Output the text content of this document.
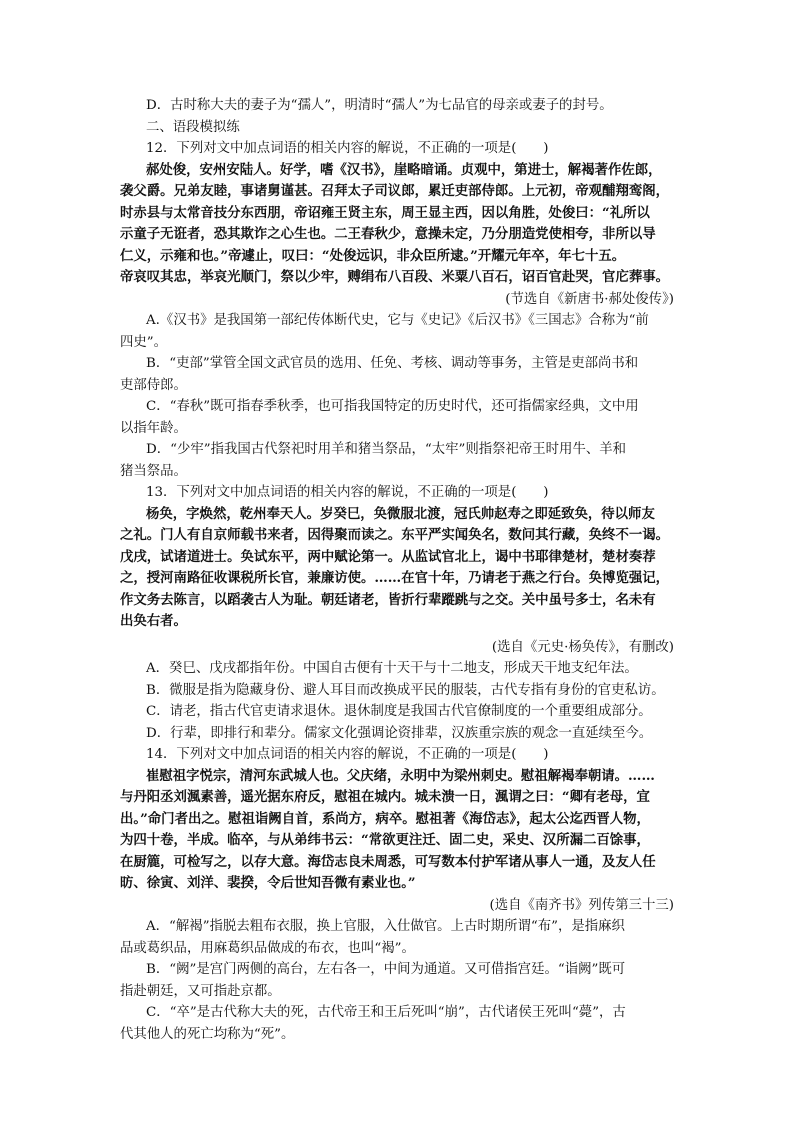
D．古时称大夫的妻子为“孺人”，明清时“孺人”为七品官的母亲或妻子的封号。
二、语段模拟练
12．下列对文中加点词语的相关内容的解说，不正确的一项是(　　)
郝处俊，安州安陆人。好学，嗜《汉书》，崖略暗诵。贞观中，第进士，解褐著作佐郎，
袭父爵。兄弟友睦，事诸舅谨甚。召拜太子司议郎，累迁吏部侍郎。上元初，帝观酺翔鸾阁，
时赤县与太常音技分东西朋，帝诏雍王贤主东，周王显主西，因以角胜，处俊曰：“礼所以
示童子无诳者，恐其欺诈之心生也。二王春秋少，意操未定，乃分朋造党使相夸，非所以导
仁义，示雍和也。”帝遽止，叹曰：“处俊远识，非众臣所逮。”开耀元年卒，年七十五。
帝哀叹其忠，举哀光顺门，祭以少牢，赙绢布八百段、米粟八百石，诏百官赴哭，官庀葬事。
(节选自《新唐书·郝处俊传》)
A.《汉书》是我国第一部纪传体断代史，它与《史记》《后汉书》《三国志》合称为“前
四史”。
B．“吏部”掌管全国文武官员的选用、任免、考核、调动等事务，主管是吏部尚书和
吏部侍郎。
C．“春秋”既可指春季秋季，也可指我国特定的历史时代，还可指儒家经典，文中用
以指年龄。
D．“少牢”指我国古代祭祀时用羊和猪当祭品，“太牢”则指祭祀帝王时用牛、羊和
猪当祭品。
13．下列对文中加点词语的相关内容的解说，不正确的一项是(　　)
杨奂，字焕然，乾州奉天人。岁癸巳，奂微服北渡，冠氏帅赵寿之即延致奂，待以师友
之礼。门人有自京师载书来者，因得聚而读之。东平严实闻奂名，数问其行藏，奂终不一谒。
戊戌，试诸道进士。奂试东平，两中赋论第一。从监试官北上，谒中书耶律楚材，楚材奏荐
之，授河南路征收课税所长官，兼廉访使。……在官十年，乃请老于燕之行台。奂博览强记，
作文务去陈言，以蹈袭古人为耻。朝廷诸老，皆折行辈蹤跳与之交。关中虽号多士，名未有
出奂右者。
(选自《元史·杨奂传》，有删改)
A．癸巳、戊戌都指年份。中国自古便有十天干与十二地支，形成天干地支纪年法。
B．微服是指为隐藏身份、避人耳目而改换成平民的服装，古代专指有身份的官吏私访。
C．请老，指古代官吏请求退休。退休制度是我国古代官僚制度的一个重要组成部分。
D．行辈，即排行和辈分。儒家文化强调论资排辈，汉族重宗族的观念一直延续至今。
14．下列对文中加点词语的相关内容的解说，不正确的一项是(　　)
崔慰祖字悦宗，清河东武城人也。父庆绪，永明中为梁州刺史。慰祖解褐奉朝请。……
与丹阳丞刘渢素善，遥光据东府反，慰祖在城内。城未溃一日，渢谓之曰：“卿有老母，宜
出。”命门者出之。慰祖诣阙自首，系尚方，病卒。慰祖著《海岱志》，起太公迄西晋人物，
为四十卷，半成。临卒，与从弟纬书云：“常欲更注迁、固二史，采史、汉所漏二百馀事，
在厨簏，可检写之，以存大意。海岱志良未周悉，可写数本付护军诸从事人一通，及友人任
昉、徐寅、刘洋、裴揆，令后世知吾微有素业也。”
(选自《南齐书》列传第三十三)
A．“解褐”指脱去粗布衣服，换上官服，入仕做官。上古时期所谓“布”，是指麻织
品或葛织品，用麻葛织品做成的布衣，也叫“褐”。
B．“阙”是宫门两侧的高台，左右各一，中间为通道。又可借指宫廷。“诣阙”既可
指赴朝廷，又可指赴京都。
C．“卒”是古代称大夫的死，古代帝王和王后死叫“崩”，古代诸侯王死叫“薨”，古
代其他人的死亡均称为“死”。
